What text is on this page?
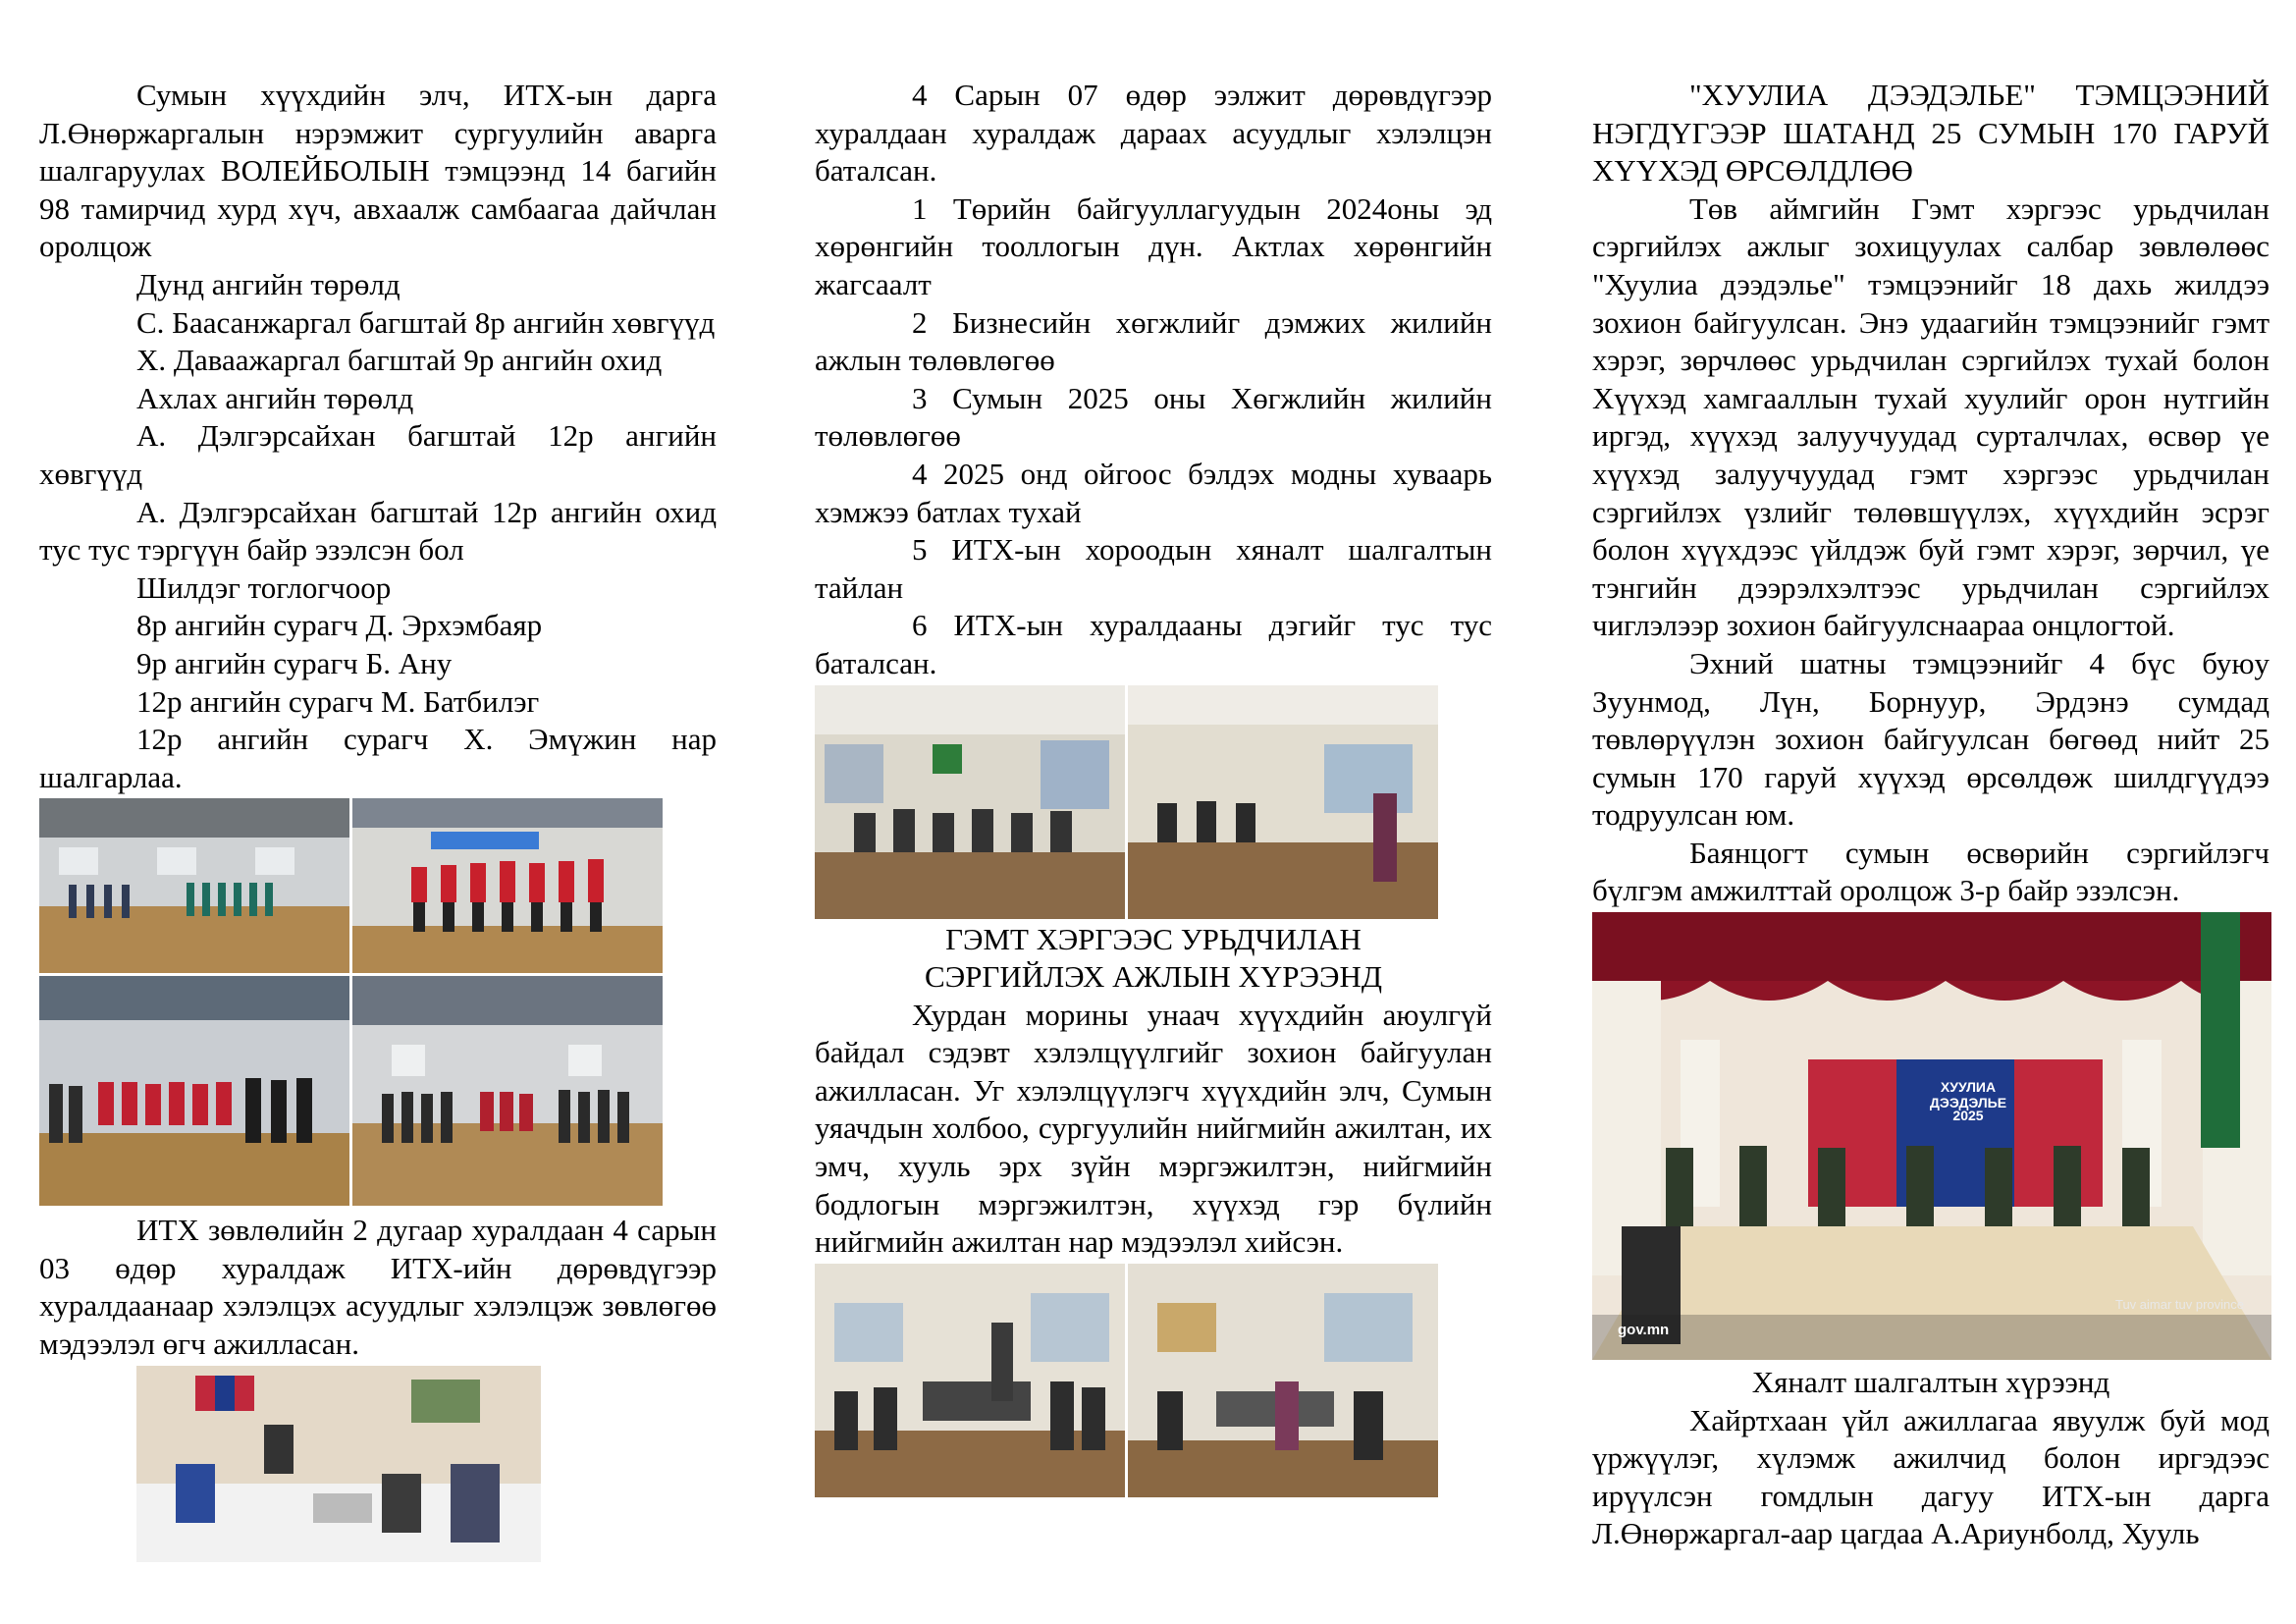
Сумын хүүхдийн элч, ИТХ-ын дарга Л.Өнөржаргалын нэрэмжит сургуулийн аварга шалгаруулах ВОЛЕЙБОЛЫН тэмцээнд 14 багийн 98 тамирчид хурд хүч, авхаалж самбаагаа дайчлан оролцож

Дунд ангийн төрөлд

С. Баасанжаргал багштай 8р ангийн хөвгүүд

Х. Даваажаргал багштай 9р ангийн охид

Ахлах ангийн төрөлд

А. Дэлгэрсайхан багштай 12р ангийн хөвгүүд

А. Дэлгэрсайхан багштай 12р ангийн охид тус тус тэргүүн байр эзэлсэн бол

Шилдэг тоглогчоор

8р ангийн сурагч Д. Эрхэмбаяр

9р ангийн сурагч Б. Ану

12р ангийн сурагч М. Батбилэг

12р ангийн сурагч Х. Эмүжин нар шалгарлаа.

ИТХ зөвлөлийн 2 дугаар хуралдаан 4 сарын 03 өдөр хуралдаж ИТХ-ийн дөрөвдүгээр хуралдаанаар хэлэлцэх асуудлыг хэлэлцэж зөвлөгөө мэдээлэл өгч ажилласан.

4 Сарын 07 өдөр ээлжит дөрөвдүгээр хуралдаан хуралдаж дараах асуудлыг хэлэлцэн баталсан.

1 Төрийн байгууллагуудын 2024оны эд хөрөнгийн тооллогын дүн. Актлах хөрөнгийн жагсаалт

2 Бизнесийн хөгжлийг дэмжих жилийн ажлын төлөвлөгөө

3 Сумын 2025 оны Хөгжлийн жилийн төлөвлөгөө

4 2025 онд ойгоос бэлдэх модны хуваарь хэмжээ батлах тухай

5 ИТХ-ын хороодын хяналт шалгалтын тайлан

6 ИТХ-ын хуралдааны дэгийг тус тус баталсан.

ГЭМТ ХЭРГЭЭС УРЬДЧИЛАН

СЭРГИЙЛЭХ АЖЛЫН ХҮРЭЭНД

Хурдан морины унаач хүүхдийн аюулгүй байдал сэдэвт хэлэлцүүлгийг зохион байгуулан ажилласан. Уг хэлэлцүүлэгч хүүхдийн элч, Сумын уяачдын холбоо, сургуулийн нийгмийн ажилтан, их эмч, хууль эрх зүйн мэргэжилтэн, нийгмийн бодлогын мэргэжилтэн, хүүхэд гэр бүлийн нийгмийн ажилтан нар мэдээлэл хийсэн.

"ХУУЛИА ДЭЭДЭЛЬЕ" ТЭМЦЭЭНИЙ НЭГДҮГЭЭР ШАТАНД 25 СУМЫН 170 ГАРУЙ ХҮҮХЭД ӨРСӨЛДЛӨӨ

Төв аймгийн Гэмт хэргээс урьдчилан сэргийлэх ажлыг зохицуулах салбар зөвлөлөөс "Хуулиа дээдэлье" тэмцээнийг 18 дахь жилдээ зохион байгуулсан. Энэ удаагийн тэмцээнийг гэмт хэрэг, зөрчлөөс урьдчилан сэргийлэх тухай болон Хүүхэд хамгааллын тухай хуулийг орон нутгийн иргэд, хүүхэд залуучуудад сурталчлах, өсвөр үе хүүхэд залуучуудад гэмт хэргээс урьдчилан сэргийлэх үзлийг төлөвшүүлэх, хүүхдийн эсрэг болон хүүхдээс үйлдэж буй гэмт хэрэг, зөрчил, үе тэнгийн дээрэлхэлтээс урьдчилан сэргийлэх чиглэлээр зохион байгуулснаараа онцлогтой.

Эхний шатны тэмцээнийг 4 бүс буюу Зуунмод, Лүн, Борнуур, Эрдэнэ сумдад төвлөрүүлэн зохион байгуулсан бөгөөд нийт 25 сумын 170 гаруй хүүхэд өрсөлдөж шилдгүүдээ тодруулсан юм.

Баянцогт сумын өсвөрийн сэргийлэгч бүлгэм амжилттай оролцож 3-р байр эзэлсэн.

ХУУЛИА ДЭЭДЭЛЬЕ
2025
gov.mn
Tuv aimar tuv province

Хяналт шалгалтын хүрээнд

Хайртхаан үйл ажиллагаа явуулж буй мод үржүүлэг, хүлэмж ажилчид болон иргэдээс ирүүлсэн гомдлын дагуу ИТХ-ын дарга Л.Өнөржаргал-аар цагдаа А.Ариунболд, Хууль
